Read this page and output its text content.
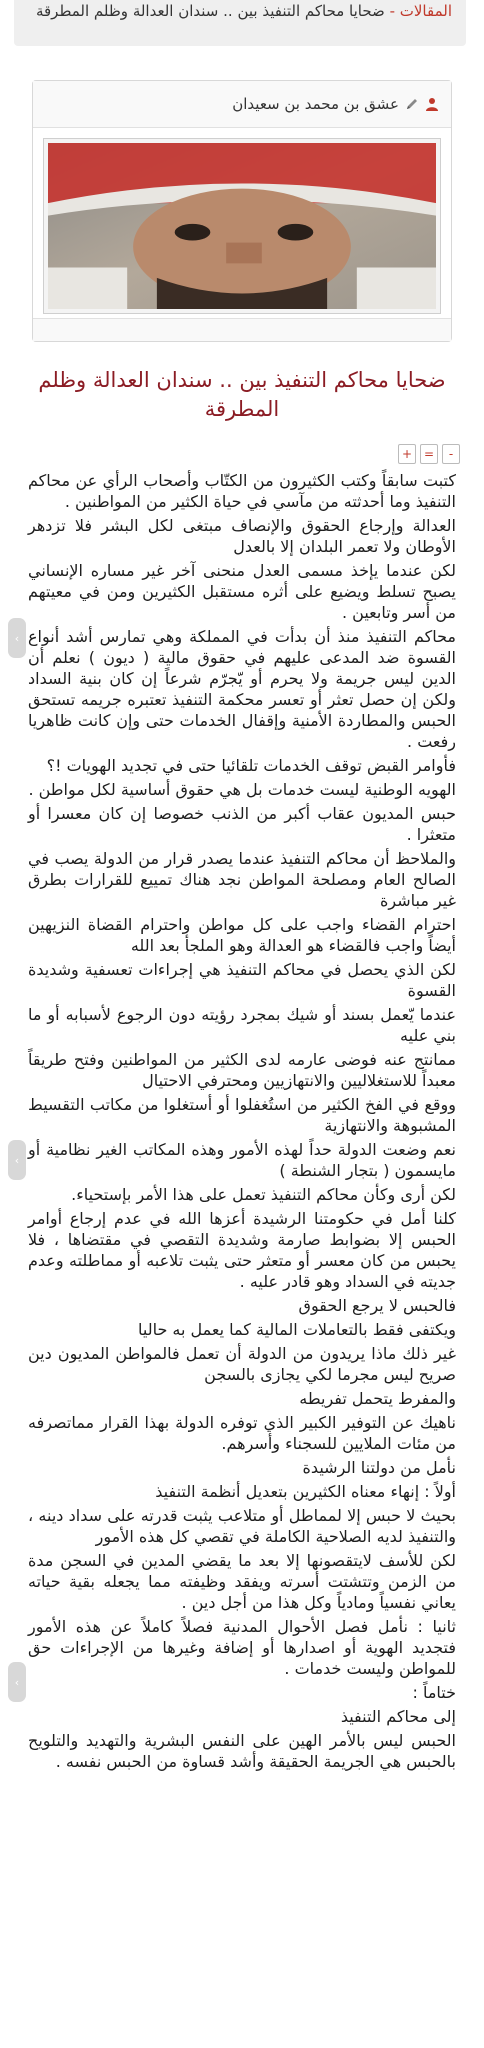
المقالات - ضحايا محاكم التنفيذ بين .. سندان العدالة وظلم المطرقة
عشق بن محمد بن سعيدان
ضحايا محاكم التنفيذ بين .. سندان العدالة وظلم المطرقة
+ =	-

كتبت سابقاً وكتب الكثيرون من الكتّاب وأصحاب الرأي عن محاكم التنفيذ وما أحدثته من مآسي في حياة الكثير من المواطنين .

العدالة وإرجاع الحقوق والإنصاف مبتغى لكل البشر فلا تزدهر الأوطان ولا تعمر البلدان إلا بالعدل

لكن عندما يإخذ مسمى العدل منحنى آخر غير مساره الإنساني يصبح تسلط ويضيع على أثره مستقبل الكثيرين ومن في معيتهم من أسر وتابعين .

محاكم التنفيذ منذ أن بدأت في المملكة وهي تمارس أشد أنواع القسوة ضد المدعى عليهم في حقوق مالية ( ديون ) نعلم أن الدين ليس جريمة ولا يحرم أو يّجرّم شرعاً إن كان بنية السداد ولكن إن حصل تعثر أو تعسر محكمة التنفيذ تعتبره جريمه تستحق الحبس والمطاردة الأمنية وإقفال الخدمات حتى وإن كانت ظاهريا رفعت .

فأوامر القبض توقف الخدمات تلقائيا حتى في تجديد الهويات !؟

الهويه الوطنية ليست خدمات بل هي حقوق أساسية لكل مواطن .

حبس المديون عقاب أكبر من الذنب خصوصا إن كان معسرا أو متعثرا .

والملاحظ أن محاكم التنفيذ عندما يصدر قرار من الدولة يصب في الصالح العام ومصلحة المواطن نجد هناك تمييع للقرارات بطرق غير مباشرة

احترام القضاء واجب على كل مواطن واحترام القضاة النزيهين أيضاً واجب فالقضاء هو العدالة وهو الملجأ بعد الله

لكن الذي يحصل في محاكم التنفيذ هي إجراءات تعسفية وشديدة القسوة

عندما يّعمل بسند أو شيك بمجرد رؤيته دون الرجوع لأسبابه أو ما بني عليه

ممانتج عنه فوضى عارمه لدى الكثير من المواطنين وفتح طريقاً معبداً للاستغلاليين والانتهازيين ومحترفي الاحتيال

ووقع في الفخ الكثير من استُغفلوا أو أستغلوا من مكاتب التقسيط المشبوهة والانتهازية

نعم وضعت الدولة حداً لهذه الأمور وهذه المكاتب الغير نظامية أو مايسمون ( بتجار الشنطة )

لكن أرى وكأن محاكم التنفيذ تعمل على هذا الأمر بإستحياء.

كلنا أمل في حكومتنا الرشيدة أعزها الله في عدم إرجاع أوامر الحبس إلا بضوابط صارمة وشديدة التقصي في مقتضاها ، فلا يحبس من كان معسر أو متعثر حتى يثبت تلاعبه أو مماطلته وعدم جديته في السداد وهو قادر عليه .

فالحبس لا يرجع الحقوق

ويكتفى فقط بالتعاملات المالية كما يعمل به حاليا

غير ذلك ماذا يريدون من الدولة أن تعمل فالمواطن المديون دين صريح ليس مجرما لكي يجازى بالسجن

والمفرط يتحمل تفريطه

ناهيك عن التوفير الكبير الذي توفره الدولة بهذا القرار مماتصرفه من مئات الملايين للسجناء وأسرهم.

نأمل من دولتنا الرشيدة

أولاً : إنهاء معناه الكثيرين بتعديل أنظمة التنفيذ

بحيث لا حبس إلا لمماطل أو متلاعب يثبت قدرته على سداد دينه ، والتنفيذ لديه الصلاحية الكاملة في تقصي كل هذه الأمور

لكن للأسف لايتقصونها إلا بعد ما يقضي المدين في السجن مدة من الزمن وتتشتت أسرته ويفقد وظيفته مما يجعله بقية حياته يعاني نفسياً ومادياً وكل هذا من أجل دين .

ثانيا : نأمل فصل الأحوال المدنية فصلاً كاملاً عن هذه الأمور فتجديد الهوية أو اصدارها أو إضافة وغيرها من الإجراءات حق للمواطن وليست خدمات .

ختاماً :

إلى محاكم التنفيذ

الحبس ليس بالأمر الهين على النفس البشرية والتهديد والتلويح بالحبس هي الجريمة الحقيقة وأشد قساوة من الحبس نفسه .

‹
‹
‹
